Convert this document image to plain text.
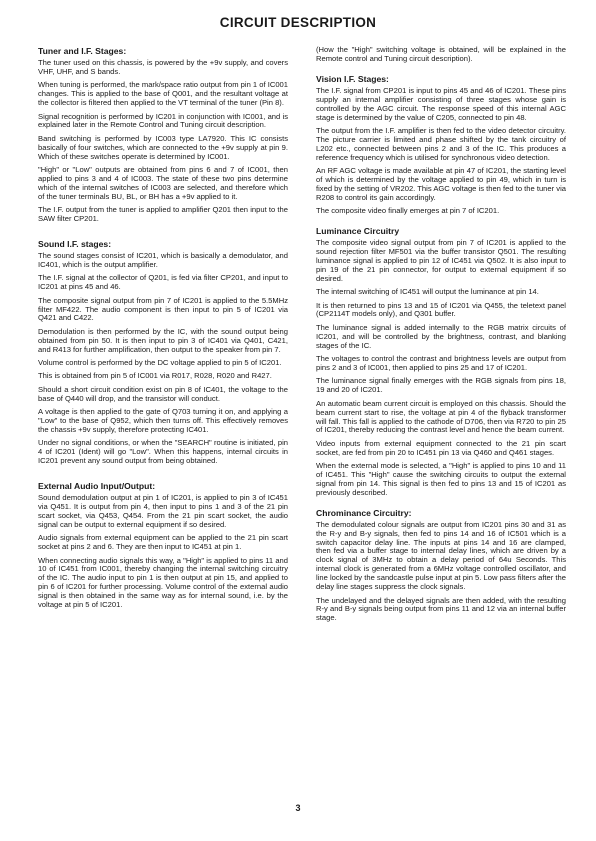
CIRCUIT DESCRIPTION
Tuner and I.F. Stages:

The tuner used on this chassis, is powered by the +9v supply, and covers VHF, UHF, and S bands.

When tuning is performed, the mark/space ratio output from pin 1 of IC001 changes. This is applied to the base of Q001, and the resultant voltage at the collector is filtered then applied to the VT terminal of the tuner (Pin 8).

Signal recognition is performed by IC201 in conjunction with IC001, and is explained later in the Remote Control and Tuning circuit description.

Band switching is performed by IC003 type LA7920. This IC consists basically of four switches, which are connected to the +9v supply at pin 9. Which of these switches operate is determined by IC001.

"High" or "Low" outputs are obtained from pins 6 and 7 of IC001, then applied to pins 3 and 4 of IC003. The state of these two pins determine which of the internal switches of IC003 are selected, and therefore which of the tuner terminals BU, BL, or BH has a +9v applied to it.

The I.F. output from the tuner is applied to amplifier Q201 then input to the SAW filter CP201.

Sound I.F. stages:

The sound stages consist of IC201, which is basically a demodulator, and IC401, which is the output amplifier.

The I.F. signal at the collector of Q201, is fed via filter CP201, and input to IC201 at pins 45 and 46.

The composite signal output from pin 7 of IC201 is applied to the 5.5MHz filter MF422. The audio component is then input to pin 5 of IC201 via Q421 and C422.

Demodulation is then performed by the IC, with the sound output being obtained from pin 50. It is then input to pin 3 of IC401 via Q401, C421, and R413 for further amplification, then output to the speaker from pin 7.

Volume control is performed by the DC voltage applied to pin 5 of IC201.

This is obtained from pin 5 of IC001 via R017, R028, R020 and R427.

Should a short circuit condition exist on pin 8 of IC401, the voltage to the base of Q440 will drop, and the transistor will conduct.

A voltage is then applied to the gate of Q703 turning it on, and applying a "Low" to the base of Q952, which then turns off. This effectively removes the chassis +9v supply, therefore protecting IC401.

Under no signal conditions, or when the "SEARCH" routine is initiated, pin 4 of IC201 (Ident) will go "Low". When this happens, internal circuits in IC201 prevent any sound output from being obtained.

External Audio Input/Output:

Sound demodulation output at pin 1 of IC201, is applied to pin 3 of IC451 via Q451. It is output from pin 4, then input to pins 1 and 3 of the 21 pin scart socket, via Q453, Q454. From the 21 pin scart socket, the audio signal can be output to external equipment if so desired.

Audio signals from external equipment can be applied to the 21 pin scart socket at pins 2 and 6. They are then input to IC451 at pin 1.

When connecting audio signals this way, a "High" is applied to pins 11 and 10 of IC451 from IC001, thereby changing the internal switching circuitry of the IC. The audio input to pin 1 is then output at pin 15, and applied to pin 6 of IC201 for further processing. Volume control of the external audio signal is then obtained in the same way as for internal sound, i.e. by the voltage at pin 5 of IC201.

(How the "High" switching voltage is obtained, will be explained in the Remote control and Tuning circuit description).

Vision I.F. Stages:

The I.F. signal from CP201 is input to pins 45 and 46 of IC201. These pins supply an internal amplifier consisting of three stages whose gain is controlled by the AGC circuit. The response speed of this internal AGC stage is determined by the value of C205, connected to pin 48.

The output from the I.F. amplifier is then fed to the video detector circuitry. The picture carrier is limited and phase shifted by the tank circuitry of L202 etc., connected between pins 2 and 3 of the IC. This produces a reference frequency which is utilised for synchronous video detection.

An RF AGC voltage is made available at pin 47 of IC201, the starting level of which is determined by the voltage applied to pin 49, which in turn is fixed by the setting of VR202. This AGC voltage is then fed to the tuner via R208 to control its gain accordingly.

The composite video finally emerges at pin 7 of IC201.

Luminance Circuitry

The composite video signal output from pin 7 of IC201 is applied to the sound rejection filter MF501 via the buffer transistor Q501. The resulting luminance signal is applied to pin 12 of IC451 via Q502. It is also input to pin 19 of the 21 pin connector, for output to external equipment if so desired.

The internal switching of IC451 will output the luminance at pin 14.

It is then returned to pins 13 and 15 of IC201 via Q455, the teletext panel (CP2114T models only), and Q301 buffer.

The luminance signal is added internally to the RGB matrix circuits of IC201, and will be controlled by the brightness, contrast, and blanking stages of the IC.

The voltages to control the contrast and brightness levels are output from pins 2 and 3 of IC001, then applied to pins 25 and 17 of IC201.

The luminance signal finally emerges with the RGB signals from pins 18, 19 and 20 of IC201.

An automatic beam current circuit is employed on this chassis. Should the beam current start to rise, the voltage at pin 4 of the flyback transformer will fall. This fall is applied to the cathode of D706, then via R720 to pin 25 of IC201, thereby reducing the contrast level and hence the beam current.

Video inputs from external equipment connected to the 21 pin scart socket, are fed from pin 20 to IC451 pin 13 via Q460 and Q461 stages.

When the external mode is selected, a "High" is applied to pins 10 and 11 of IC451. This "High" cause the switching circuits to output the external signal from pin 14. This signal is then fed to pins 13 and 15 of IC201 as previously described.

Chrominance Circuitry:

The demodulated colour signals are output from IC201 pins 30 and 31 as the R-y and B-y signals, then fed to pins 14 and 16 of IC501 which is a switch capacitor delay line. The inputs at pins 14 and 16 are clamped, then fed via a buffer stage to internal delay lines, which are driven by a clock signal of 3MHz to obtain a delay period of 64u Seconds. This internal clock is generated from a 6MHz voltage controlled oscillator, and line locked by the sandcastle pulse input at pin 5. Low pass filters after the delay line stages suppress the clock signals.

The undelayed and the delayed signals are then added, with the resulting R-y and B-y signals being output from pins 11 and 12 via an internal buffer stage.

3
